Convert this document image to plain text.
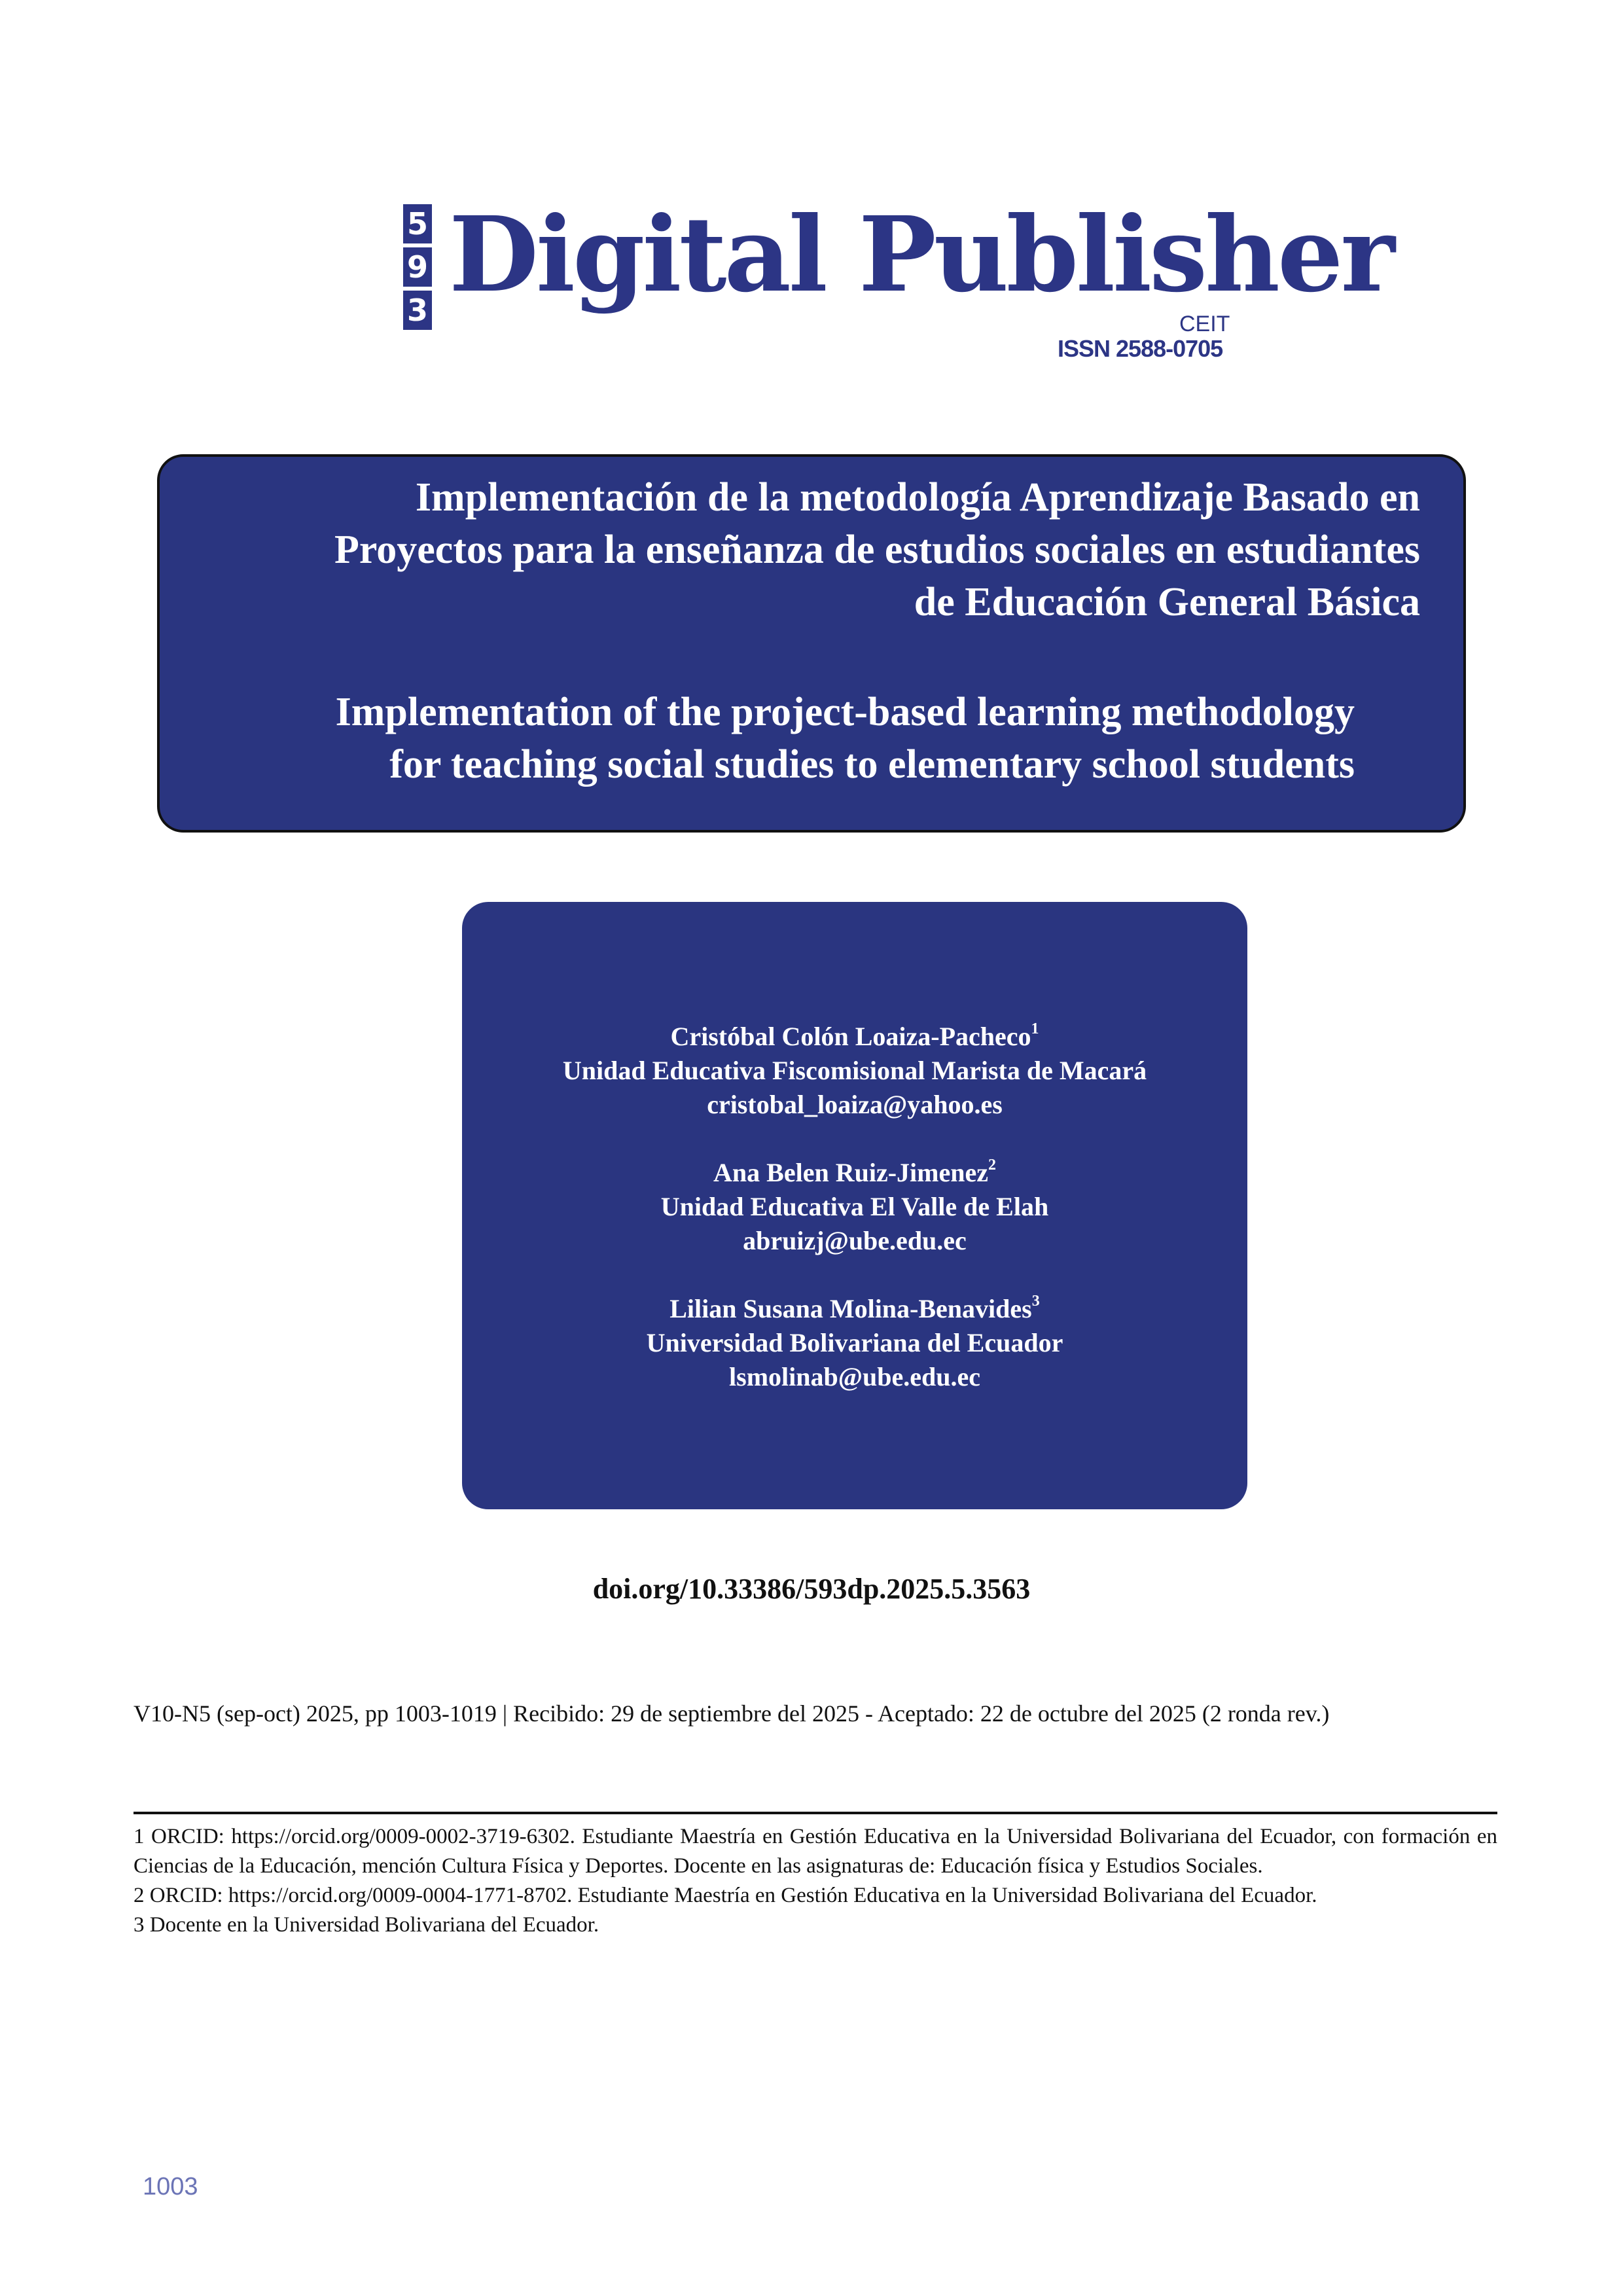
5
9
3 Digital Publisher
CEIT
ISSN 2588-0705
Implementación de la metodología Aprendizaje Basado en
Proyectos para la enseñanza de estudios sociales en estudiantes
de Educación General Básica
Implementation of the project-based learning methodology
for teaching social studies to elementary school students
Cristóbal Colón Loaiza-Pacheco$^1$
Unidad Educativa Fiscomisional Marista de Macará
cristobal_loaiza@yahoo.es
Ana Belen Ruiz-Jimenez$^2$
Unidad Educativa El Valle de Elah
abruizj@ube.edu.ec
Lilian Susana Molina-Benavides$^3$
Universidad Bolivariana del Ecuador
lsmolinab@ube.edu.ec
doi.org/10.33386/593dp.2025.5.3563
V10-N5 (sep-oct) 2025, pp 1003-1019 | Recibido: 29 de septiembre del 2025 - Aceptado: 22 de octubre del 2025 (2 ronda rev.)

1 ORCID: https://orcid.org/0009-0002-3719-6302. Estudiante Maestría en Gestión Educativa en la Universidad Bolivariana del Ecuador, con formación en Ciencias de la Educación, mención Cultura Física y Deportes. Docente en las asignaturas de: Educación física y Estudios Sociales.

2 ORCID: https://orcid.org/0009-0004-1771-8702. Estudiante Maestría en Gestión Educativa en la Universidad Bolivariana del Ecuador.

3 Docente en la Universidad Bolivariana del Ecuador.

1003
